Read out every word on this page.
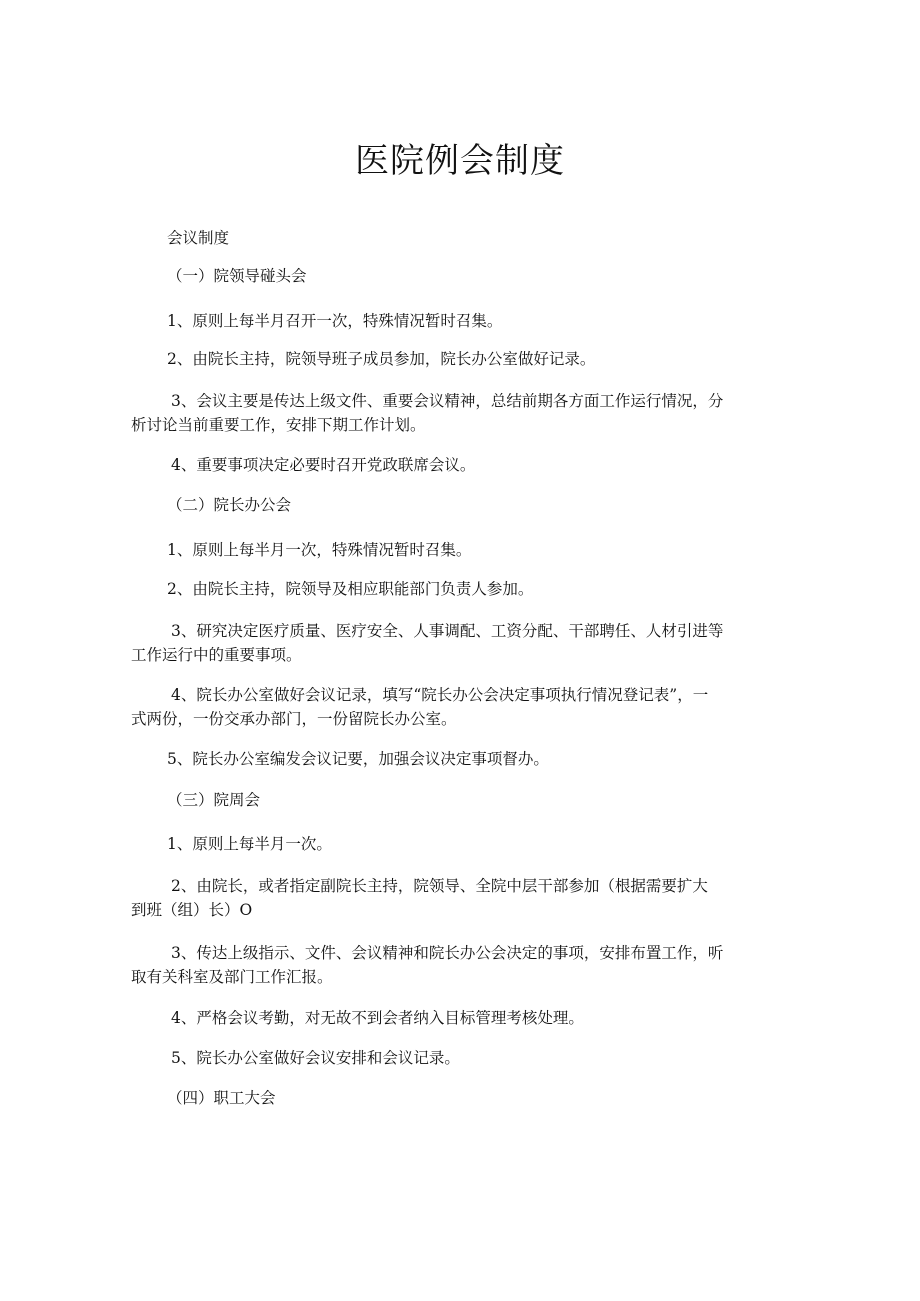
医院例会制度

会议制度

（一）院领导碰头会

1、原则上每半月召开一次，特殊情况暂时召集。

2、由院长主持，院领导班子成员参加，院长办公室做好记录。

3、会议主要是传达上级文件、重要会议精神，总结前期各方面工作运行情况，分
析讨论当前重要工作，安排下期工作计划。

4、重要事项决定必要时召开党政联席会议。

（二）院长办公会

1、原则上每半月一次，特殊情况暂时召集。

2、由院长主持，院领导及相应职能部门负责人参加。

3、研究决定医疗质量、医疗安全、人事调配、工资分配、干部聘任、人材引进等
工作运行中的重要事项。
4、院长办公室做好会议记录，填写“院长办公会决定事项执行情况登记表”，一
式两份，一份交承办部门，一份留院长办公室。

5、院长办公室编发会议记要，加强会议决定事项督办。

（三）院周会

1、原则上每半月一次。

2、由院长，或者指定副院长主持，院领导、全院中层干部参加（根据需要扩大
到班（组）长）O
3、传达上级指示、文件、会议精神和院长办公会决定的事项，安排布置工作，听
取有关科室及部门工作汇报。

4、严格会议考勤，对无故不到会者纳入目标管理考核处理。

5、院长办公室做好会议安排和会议记录。

（四）职工大会
